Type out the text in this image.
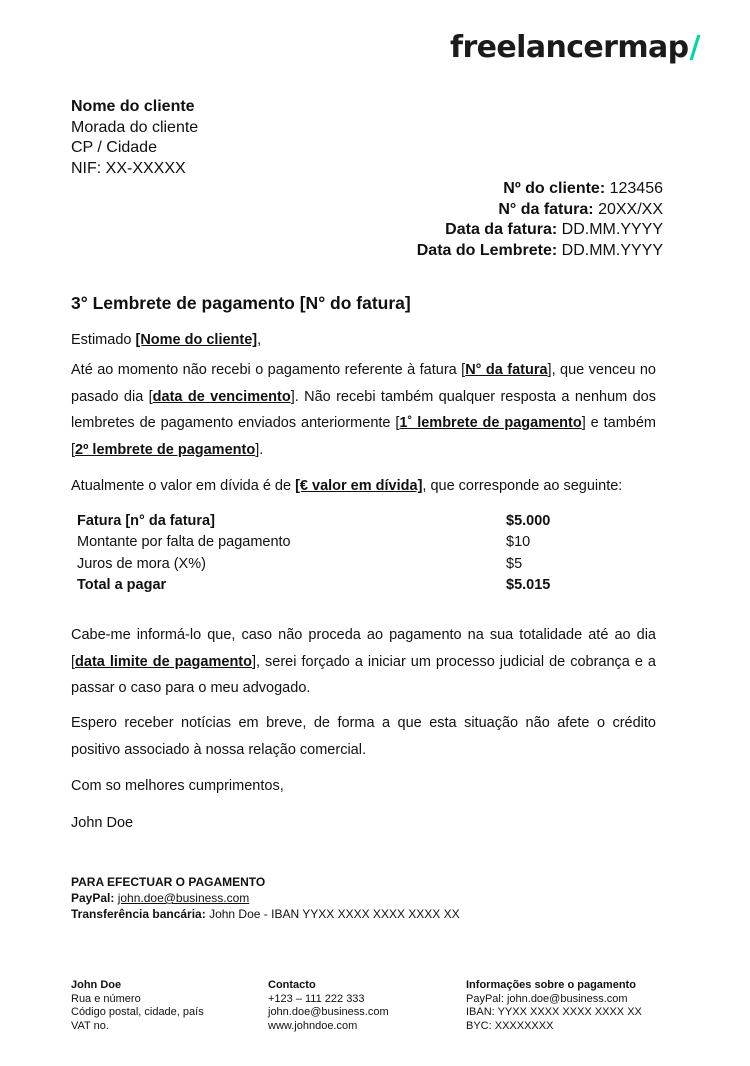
freelancermap/
Nome do cliente
Morada do cliente
CP / Cidade
NIF: XX-XXXXX
Nº do cliente: 123456
N° da fatura: 20XX/XX
Data da fatura: DD.MM.YYYY
Data do Lembrete: DD.MM.YYYY
3° Lembrete de pagamento [N° do fatura]
Estimado [Nome do cliente],
Até ao momento não recebi o pagamento referente à fatura [N° da fatura], que venceu no pasado dia [data de vencimento]. Não recebi também qualquer resposta a nenhum dos lembretes de pagamento enviados anteriormente [1˚ lembrete de pagamento] e também [2º lembrete de pagamento].
Atualmente o valor em dívida é de [€ valor em dívida], que corresponde ao seguinte:
Fatura [n° da fatura]	$5.000
Montante por falta de pagamento	$10
Juros de mora (X%)	$5
Total a pagar	$5.015
Cabe-me informá-lo que, caso não proceda ao pagamento na sua totalidade até ao dia [data limite de pagamento], serei forçado a iniciar um processo judicial de cobrança e a passar o caso para o meu advogado.
Espero receber notícias em breve, de forma a que esta situação não afete o crédito positivo associado à nossa relação comercial.
Com so melhores cumprimentos,
John Doe
PARA EFECTUAR O PAGAMENTO
PayPal: john.doe@business.com
Transferência bancária: John Doe - IBAN YYXX XXXX XXXX XXXX XX
John Doe
Rua e número
Código postal, cidade, país
VAT no.
Contacto
+123 – 111 222 333
john.doe@business.com
www.johndoe.com
Informações sobre o pagamento
PayPal: john.doe@business.com
IBAN: YYXX XXXX XXXX XXXX XX
BYC: XXXXXXXX
